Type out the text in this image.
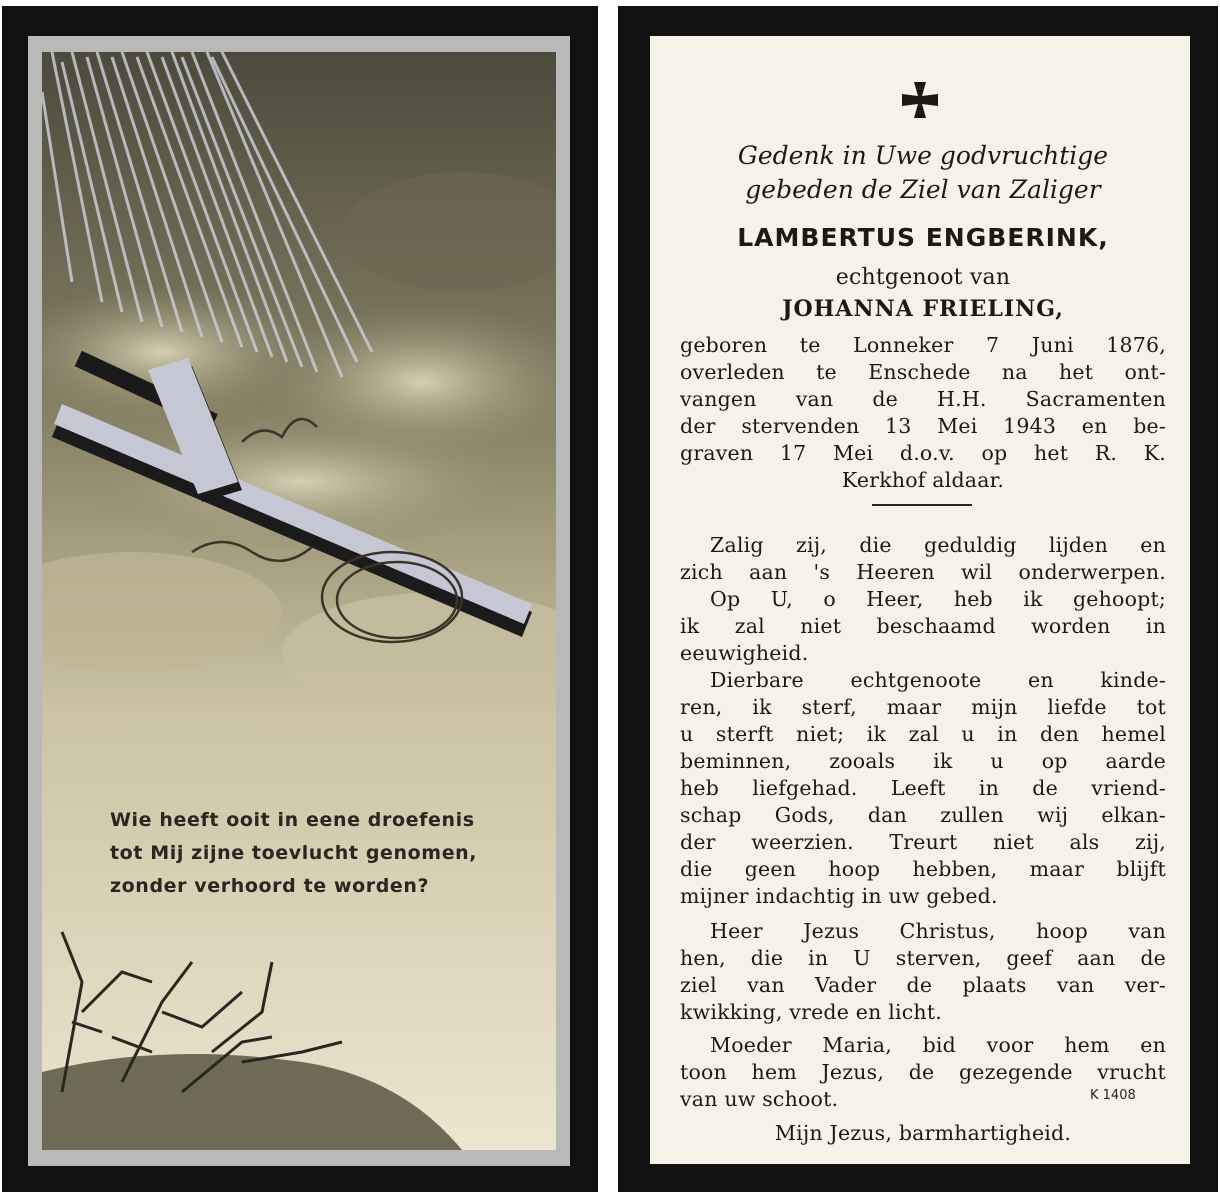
Wie heeft ooit in eene droefenis
tot Mij zijne toevlucht genomen,
zonder verhoord te worden?

Gedenk in Uwe godvruchtige

gebeden de Ziel van Zaliger

LAMBERTUS ENGBERINK,

echtgenoot van

JOHANNA FRIELING,

geboren te Lonneker 7 Juni 1876,

overleden te Enschede na het ont-

vangen van de H.H. Sacramenten

der stervenden 13 Mei 1943 en be-

graven 17 Mei d.o.v. op het R. K.

Kerkhof aldaar.

Zalig zij, die geduldig lijden en

zich aan 's Heeren wil onderwerpen.

Op U, o Heer, heb ik gehoopt;

ik zal niet beschaamd worden in

eeuwigheid.

Dierbare echtgenoote en kinde-

ren, ik sterf, maar mijn liefde tot

u sterft niet; ik zal u in den hemel

beminnen, zooals ik u op aarde

heb liefgehad. Leeft in de vriend-

schap Gods, dan zullen wij elkan-

der weerzien. Treurt niet als zij,

die geen hoop hebben, maar blijft

mijner indachtig in uw gebed.

Heer Jezus Christus, hoop van

hen, die in U sterven, geef aan de

ziel van Vader de plaats van ver-

kwikking, vrede en licht.

Moeder Maria, bid voor hem en

toon hem Jezus, de gezegende vrucht

van uw schoot.	K 1408

Mijn Jezus, barmhartigheid.
